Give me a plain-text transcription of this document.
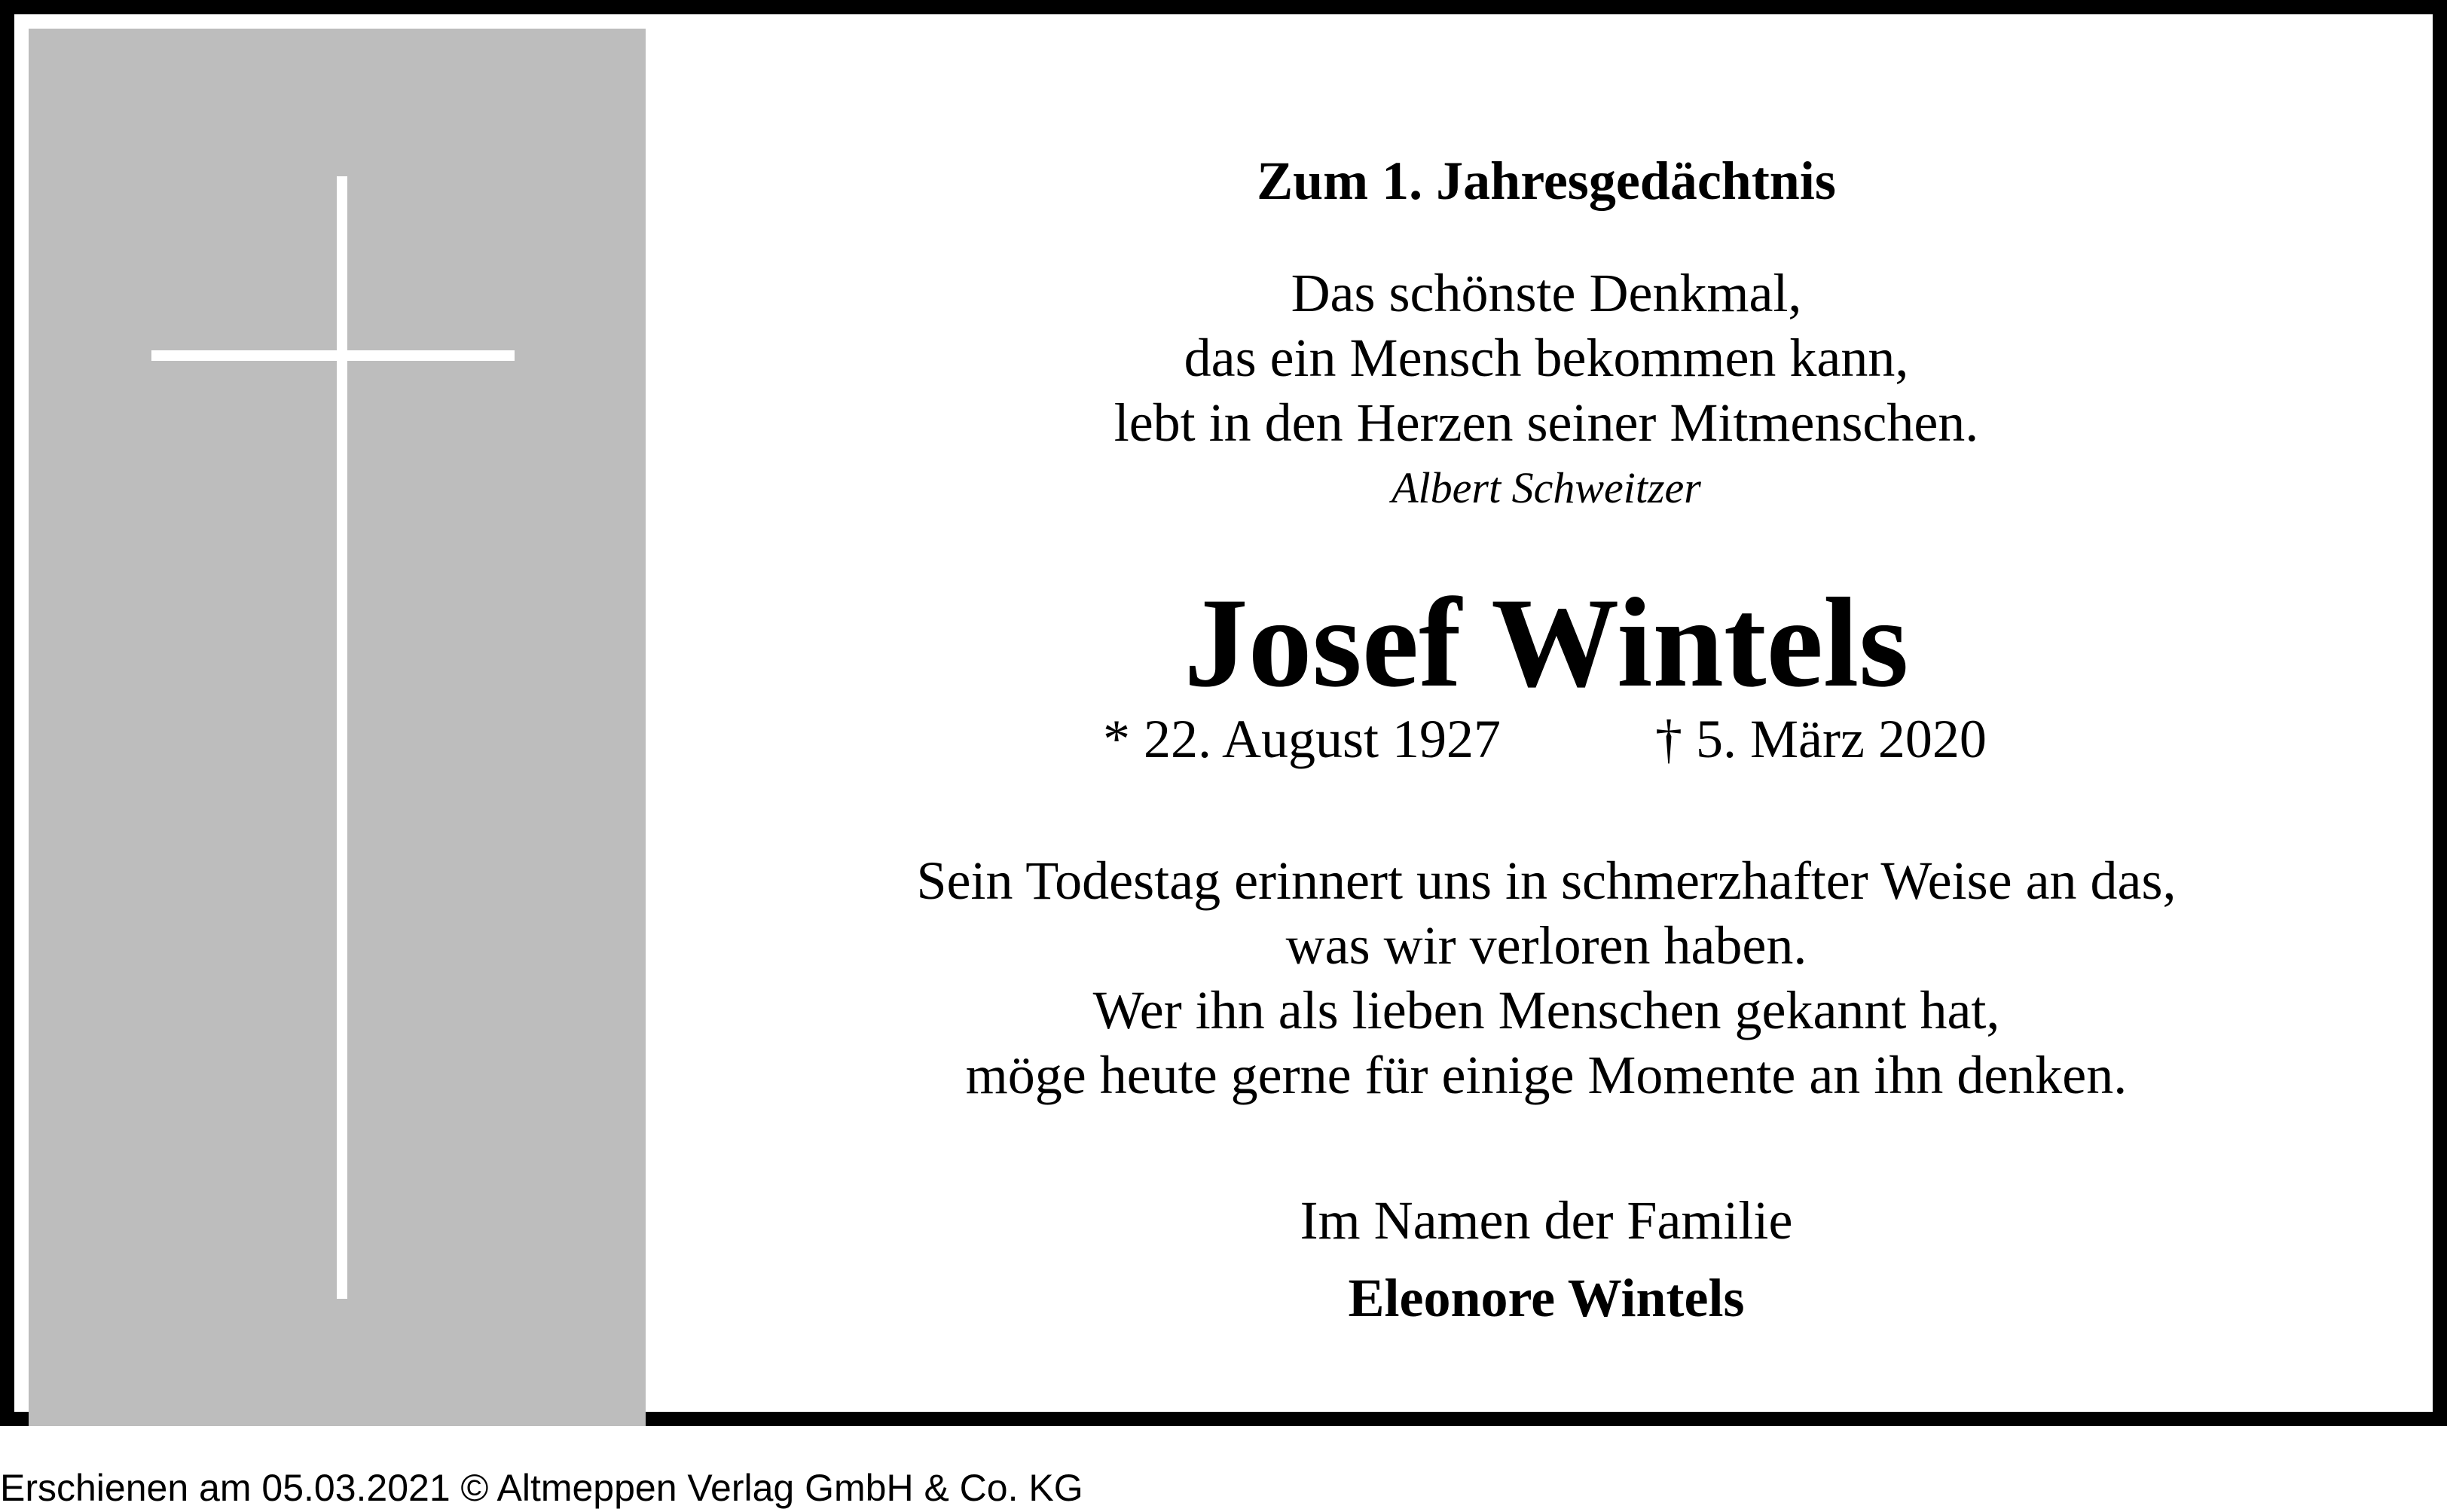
Zum 1. Jahresgedächtnis
Das schönste Denkmal,
das ein Mensch bekommen kann,
lebt in den Herzen seiner Mitmenschen.
Albert Schweitzer
Josef Wintels
* 22. August 1927	† 5. März 2020
Sein Todestag erinnert uns in schmerzhafter Weise an das,
was wir verloren haben.
Wer ihn als lieben Menschen gekannt hat,
möge heute gerne für einige Momente an ihn denken.
Im Namen der Familie
Eleonore Wintels
Erschienen am 05.03.2021 © Altmeppen Verlag GmbH & Co. KG
